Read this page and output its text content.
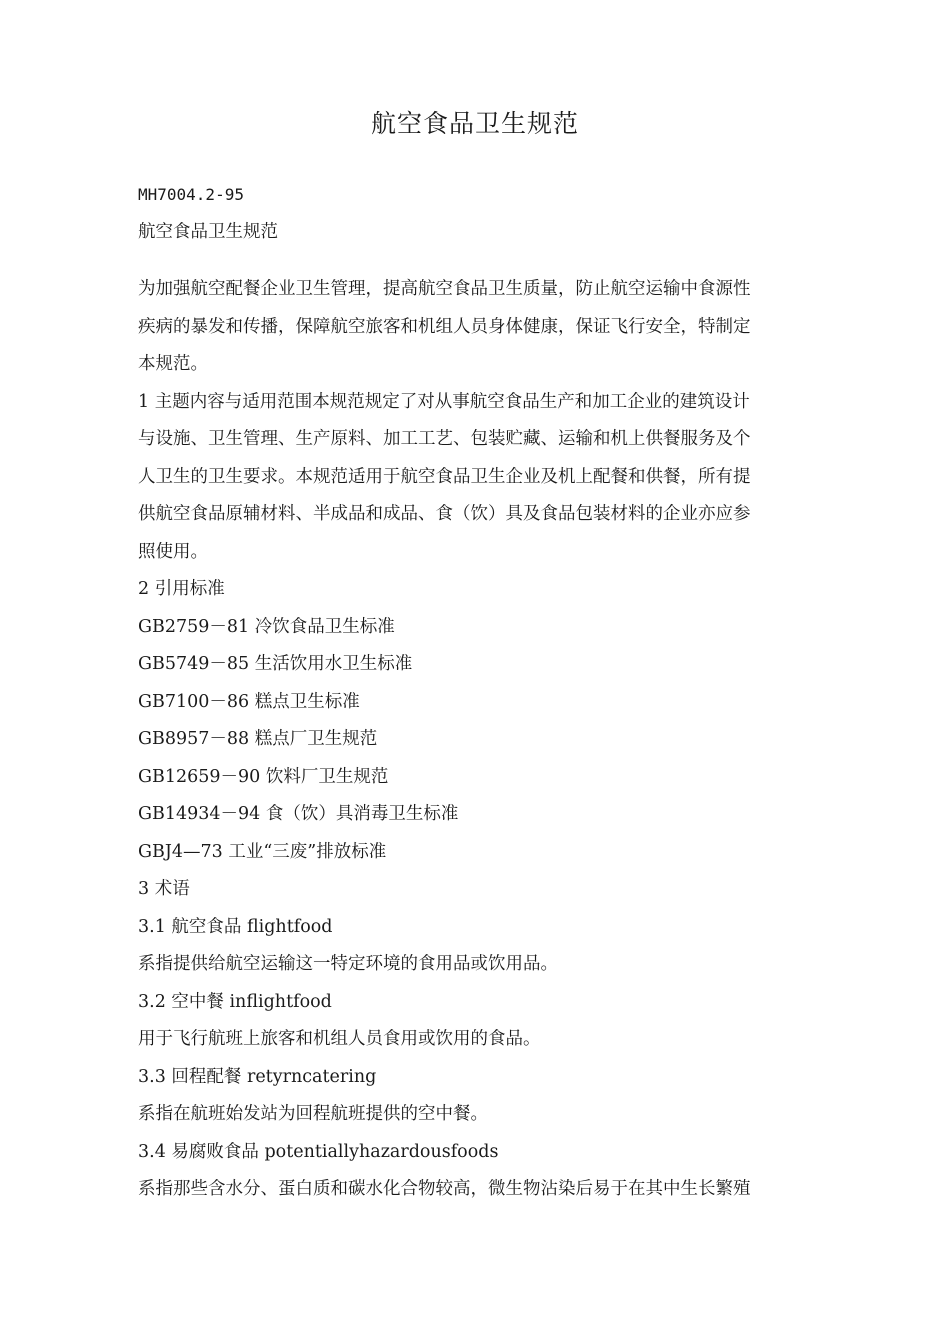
航空食品卫生规范
MH7004.2-95
航空食品卫生规范
为加强航空配餐企业卫生管理，提高航空食品卫生质量，防止航空运输中食源性
疾病的暴发和传播，保障航空旅客和机组人员身体健康，保证飞行安全，特制定
本规范。
1 主题内容与适用范围本规范规定了对从事航空食品生产和加工企业的建筑设计
与设施、卫生管理、生产原料、加工工艺、包装贮藏、运输和机上供餐服务及个
人卫生的卫生要求。本规范适用于航空食品卫生企业及机上配餐和供餐，所有提
供航空食品原辅材料、半成品和成品、食（饮）具及食品包装材料的企业亦应参
照使用。
2 引用标准
GB2759－81 冷饮食品卫生标准
GB5749－85 生活饮用水卫生标准
GB7100－86 糕点卫生标准
GB8957－88 糕点厂卫生规范
GB12659－90 饮料厂卫生规范
GB14934－94 食（饮）具消毒卫生标准
GBJ4—73 工业“三废”排放标准
3 术语
3.1 航空食品 flightfood
系指提供给航空运输这一特定环境的食用品或饮用品。
3.2 空中餐 inflightfood
用于飞行航班上旅客和机组人员食用或饮用的食品。
3.3 回程配餐 retyrncatering
系指在航班始发站为回程航班提供的空中餐。
3.4 易腐败食品 potentiallyhazardousfoods
系指那些含水分、蛋白质和碳水化合物较高，微生物沾染后易于在其中生长繁殖
